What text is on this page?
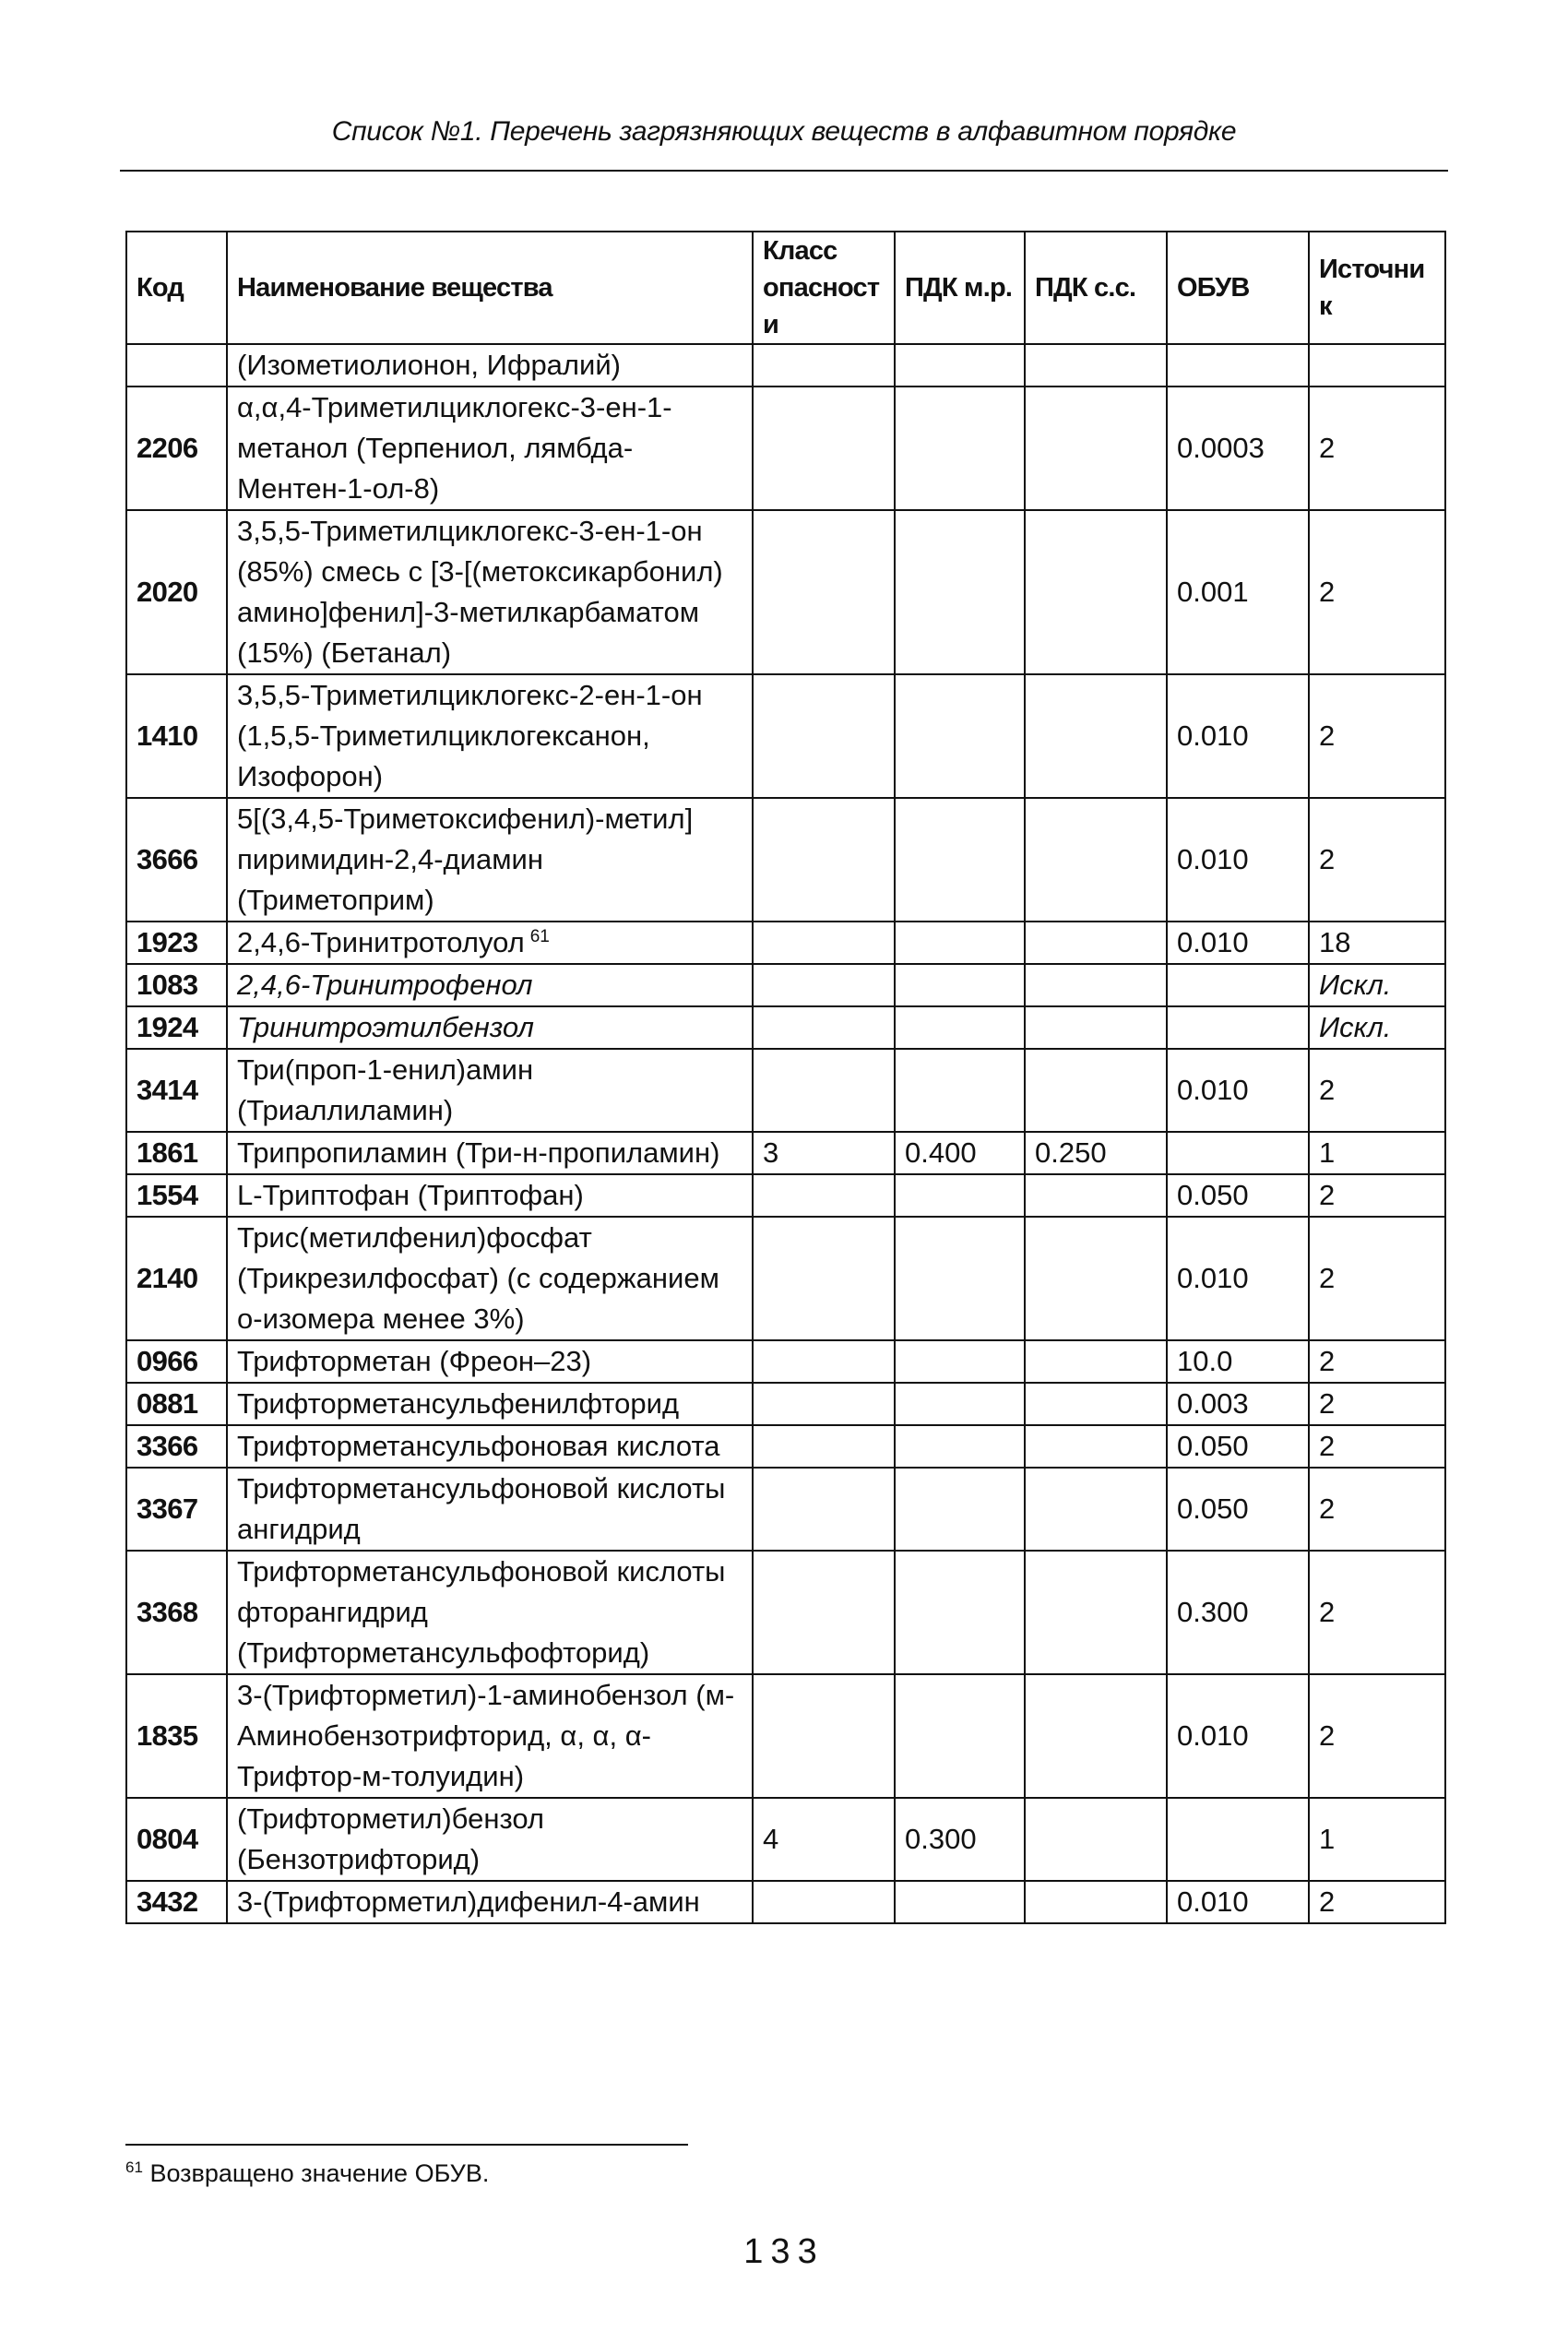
Список №1. Перечень загрязняющих веществ в алфавитном порядке
Код	Наименование вещества	Класс опасности	ПДК м.р.	ПДК с.с.	ОБУВ	Источник
	(Изометиолионон, Ифралий)					
2206	α,α,4-Триметилциклогекс-3-ен-1-метанол (Терпениол, лямбда-Ментен-1-ол-8)				0.0003	2
2020	3,5,5-Триметилциклогекс-3-ен-1-он (85%) смесь с [3-[(метоксикарбонил) амино]фенил]-3-метилкарбаматом (15%) (Бетанал)				0.001	2
1410	3,5,5-Триметилциклогекс-2-ен-1-он (1,5,5-Триметилциклогексанон, Изофорон)				0.010	2
3666	5[(3,4,5-Триметоксифенил)-метил] пиримидин-2,4-диамин (Триметоприм)				0.010	2
1923	2,4,6-Тринитротолуол $^{61}$				0.010	18
1083	2,4,6-Тринитрофенол					Искл.
1924	Тринитроэтилбензол					Искл.
3414	Три(проп-1-енил)амин (Триаллиламин)				0.010	2
1861	Трипропиламин (Три-н-пропиламин)	3	0.400	0.250		1
1554	L-Триптофан (Триптофан)				0.050	2
2140	Трис(метилфенил)фосфат (Трикрезилфосфат) (с содержанием о-изомера менее 3%)				0.010	2
0966	Трифторметан (Фреон–23)				10.0	2
0881	Трифторметансульфенилфторид				0.003	2
3366	Трифторметансульфоновая кислота				0.050	2
3367	Трифторметансульфоновой кислоты ангидрид				0.050	2
3368	Трифторметансульфоновой кислоты фторангидрид (Трифторметансульфофторид)				0.300	2
1835	3-(Трифторметил)-1-аминобензол (м-Аминобензотрифторид, α, α, α-Трифтор-м-толуидин)				0.010	2
0804	(Трифторметил)бензол (Бензотрифторид)	4	0.300			1
3432	3-(Трифторметил)дифенил-4-амин				0.010	2
$^{61}$ Возвращено значение ОБУВ.
133
